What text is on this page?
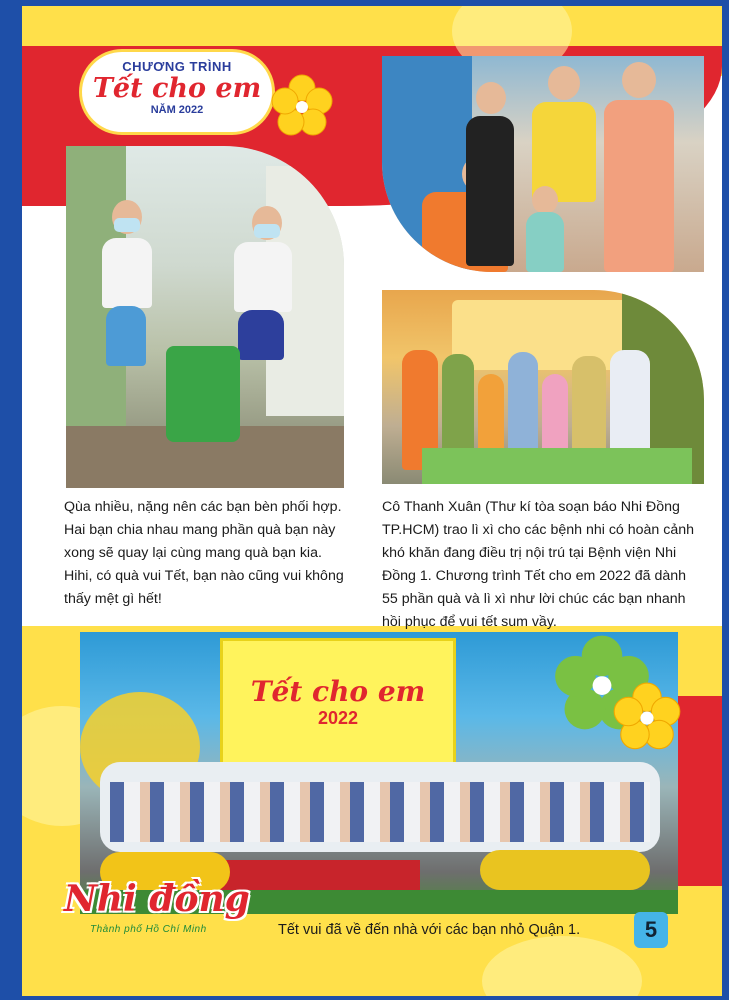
CHƯƠNG TRÌNH
Tết cho em
NĂM 2022

Qùa nhiều, nặng nên các bạn bèn phối hợp. Hai bạn chia nhau mang phần quà bạn này xong sẽ quay lại cùng mang quà bạn kia. Hihi, có quà vui Tết, bạn nào cũng vui không thấy mệt gì hết!

Cô Thanh Xuân (Thư kí tòa soạn báo Nhi Đồng TP.HCM) trao lì xì cho các bệnh nhi có hoàn cảnh khó khăn đang điều trị nội trú tại Bệnh viện Nhi Đồng 1. Chương trình Tết cho em 2022 đã dành 55 phần quà và lì xì như lời chúc các bạn nhanh hồi phục để vui tết sum vầy.

Tết cho em
2022
Nhi đồng
Thành phố Hồ Chí Minh	Tết vui đã về đến nhà với các bạn nhỏ Quận 1.	5
